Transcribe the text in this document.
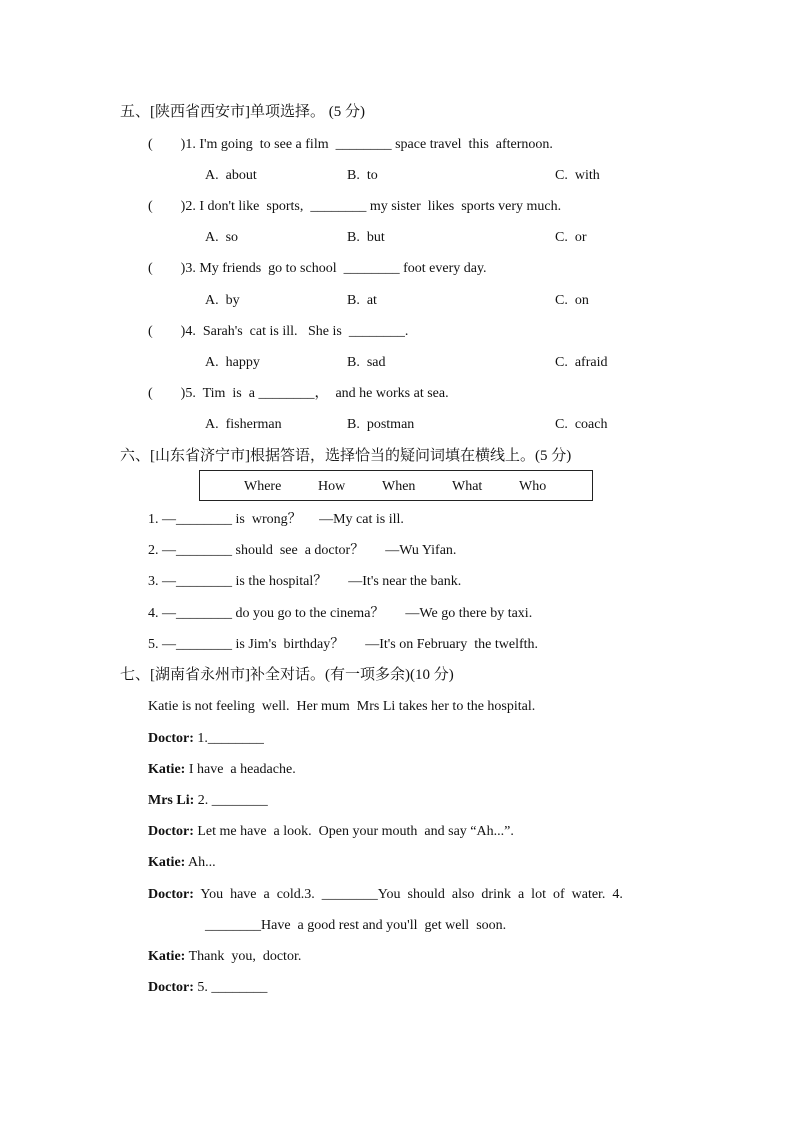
五、[陕西省西安市]单项选择。 (5 分)
(        )1. I'm going  to see a film  ________ space travel  this  afternoon.
A.  about	B.  to	C.  with
(        )2. I don't like  sports,  ________ my sister  likes  sports very much.
A.  so	B.  but	C.  or
(        )3. My friends  go to school  ________ foot every day.
A.  by	B.  at	C.  on
(        )4.  Sarah's  cat is ill.   She is  ________.
A.  happy	B.  sad	C.  afraid
(        )5.  Tim  is  a ________，  and he works at sea.
A.  fisherman	B.  postman	C.  coach
六、[山东省济宁市]根据答语，选择恰当的疑问词填在横线上。(5 分)
Where	How	When	What	Who
1. —________ is  wrong？     —My cat is ill.
2. —________ should  see  a doctor？      —Wu Yifan.
3. —________ is the hospital？      —It's near the bank.
4. —________ do you go to the cinema？      —We go there by taxi.
5. —________ is Jim's  birthday？      —It's on February  the twelfth.
七、[湖南省永州市]补全对话。(有一项多余)(10 分)
Katie is not feeling  well.  Her mum  Mrs Li takes her to the hospital.
Doctor: 1.________
Katie: I have  a headache.
Mrs Li: 2. ________
Doctor: Let me have  a look.  Open your mouth  and say “Ah...”.
Katie: Ah...
Doctor:  You  have  a  cold.3.  ________You  should  also  drink  a  lot  of  water.  4.
________Have  a good rest and you'll  get well  soon.
Katie: Thank  you,  doctor.
Doctor: 5. ________
